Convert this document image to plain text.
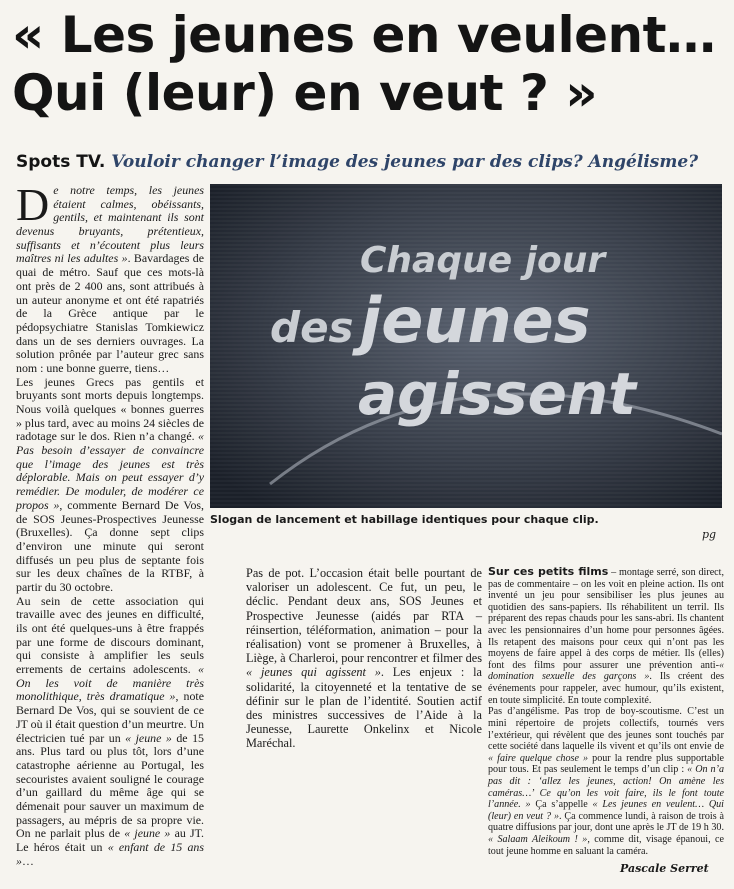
« Les jeunes en veulent…
Qui (leur) en veut ? »
Spots TV. Vouloir changer l’image des jeunes par des clips? Angélisme?
Chaque jour
des jeunes
agissent
Slogan de lancement et habillage identiques pour chaque clip.
pg

De notre temps, les jeunes étaient calmes, obéissants, gentils, et maintenant ils sont devenus bruyants, prétentieux, suffisants et n’écoutent plus leurs maîtres ni les adultes ». Bavardages de quai de métro. Sauf que ces mots-là ont près de 2 400 ans, sont attribués à un auteur anonyme et ont été rapatriés de la Grèce antique par le pédopsychiatre Stanislas Tomkiewicz dans un de ses derniers ouvrages. La solution prônée par l’auteur grec sans nom : une bonne guerre, tiens…

Les jeunes Grecs pas gentils et bruyants sont morts depuis longtemps. Nous voilà quelques « bonnes guerres » plus tard, avec au moins 24 siècles de radotage sur le dos. Rien n’a changé. « Pas besoin d’essayer de convaincre que l’image des jeunes est très déplorable. Mais on peut essayer d’y remédier. De moduler, de modérer ce propos », commente Bernard De Vos, de SOS Jeunes-Prospectives Jeunesse (Bruxelles). Ça donne sept clips d’environ une minute qui seront diffusés un peu plus de septante fois sur les deux chaînes de la RTBF, à partir du 30 octobre.

Au sein de cette association qui travaille avec des jeunes en difficulté, ils ont été quelques-uns à être frappés par une forme de discours dominant, qui consiste à amplifier les seuls errements de certains adolescents. « On les voit de manière très monolithique, très dramatique », note Bernard De Vos, qui se souvient de ce JT où il était question d’un meurtre. Un électricien tué par un « jeune » de 15 ans. Plus tard ou plus tôt, lors d’une catastrophe aérienne au Portugal, les secouristes avaient souligné le courage d’un gaillard du même âge qui se démenait pour sauver un maximum de passagers, au mépris de sa propre vie. On ne parlait plus de « jeune » au JT. Le héros était un « enfant de 15 ans »…

Sur ces petits films – montage serré, son direct, pas de commentaire – on les voit en pleine action. Ils ont inventé un jeu pour sensibiliser les plus jeunes au quotidien des sans-papiers. Ils réhabilitent un terril. Ils préparent des repas chauds pour les sans-abri. Ils chantent avec les pensionnaires d’un home pour personnes âgées. Ils retapent des maisons pour ceux qui n’ont pas les moyens de faire appel à des corps de métier. Ils (elles) font des films pour assurer une prévention anti-« domination sexuelle des garçons ». Ils créent des événements pour rappeler, avec humour, qu’ils existent, en toute simplicité. En toute complexité.

Pas d’angélisme. Pas trop de boy-scoutisme. C’est un mini répertoire de projets collectifs, tournés vers l’extérieur, qui révèlent que des jeunes sont touchés par cette société dans laquelle ils vivent et qu’ils ont envie de « faire quelque chose » pour la rendre plus supportable pour tous. Et pas seulement le temps d’un clip : « On n’a pas dit : ‘allez les jeunes, action! On amène les caméras…’ Ce qu’on les voit faire, ils le font toute l’année. » Ça s’appelle « Les jeunes en veulent… Qui (leur) en veut ? ». Ça commence lundi, à raison de trois à quatre diffusions par jour, dont une après le JT de 19 h 30. « Salaam Aleikoum ! », comme dit, visage épanoui, ce tout jeune homme en saluant la caméra.

Pascale Serret

Pas de pot. L’occasion était belle pourtant de valoriser un adolescent. Ce fut, un peu, le déclic. Pendant deux ans, SOS Jeunes et Prospective Jeunesse (aidés par RTA – réinsertion, téléformation, animation – pour la réalisation) vont se promener à Bruxelles, à Liège, à Charleroi, pour rencontrer et filmer des « jeunes qui agissent ». Les enjeux : la solidarité, la citoyenneté et la tentative de se définir sur le plan de l’identité. Soutien actif des ministres successives de l’Aide à la Jeunesse, Laurette Onkelinx et Nicole Maréchal.
